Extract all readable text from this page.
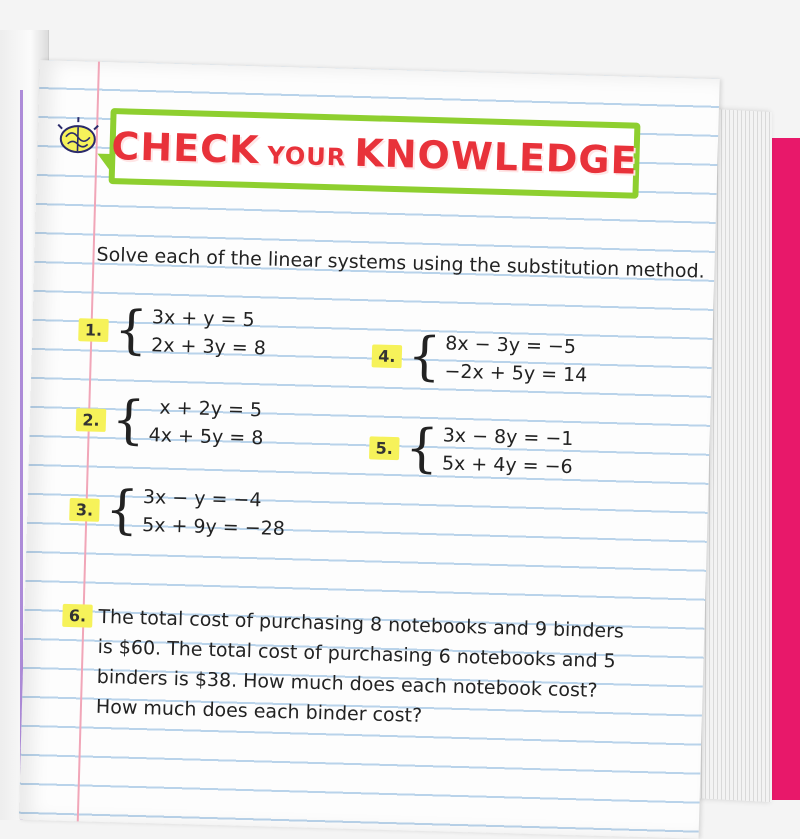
CHECK YOUR KNOWLEDGE
Solve each of the linear systems using the substitution method.
1. { 3x + y = 5
2x + 3y = 8
2. { x + 2y = 5
4x + 5y = 8
3. { 3x − y = −4
5x + 9y = −28
4. { 8x − 3y = −5
−2x + 5y = 14
5. { 3x − 8y = −1
5x + 4y = −6
6. The total cost of purchasing 8 notebooks and 9 binders is $60. The total cost of purchasing 6 notebooks and 5 binders is $38. How much does each notebook cost? How much does each binder cost?
